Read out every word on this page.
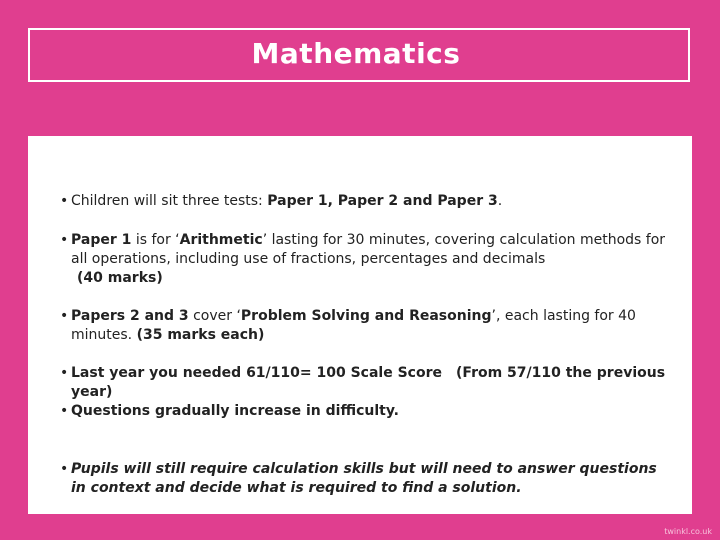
Mathematics
• Children will sit three tests: Paper 1, Paper 2 and Paper 3.
• Paper 1 is for ‘Arithmetic’ lasting for 30 minutes, covering calculation methods for all operations, including use of fractions, percentages and decimals
(40 marks)
• Papers 2 and 3 cover ‘Problem Solving and Reasoning’, each lasting for 40 minutes. (35 marks each)
• Last year you needed 61/110= 100 Scale Score (From 57/110 the previous year)
• Questions gradually increase in difficulty.
• Pupils will still require calculation skills but will need to answer questions in context and decide what is required to find a solution.
twinkl.co.uk
